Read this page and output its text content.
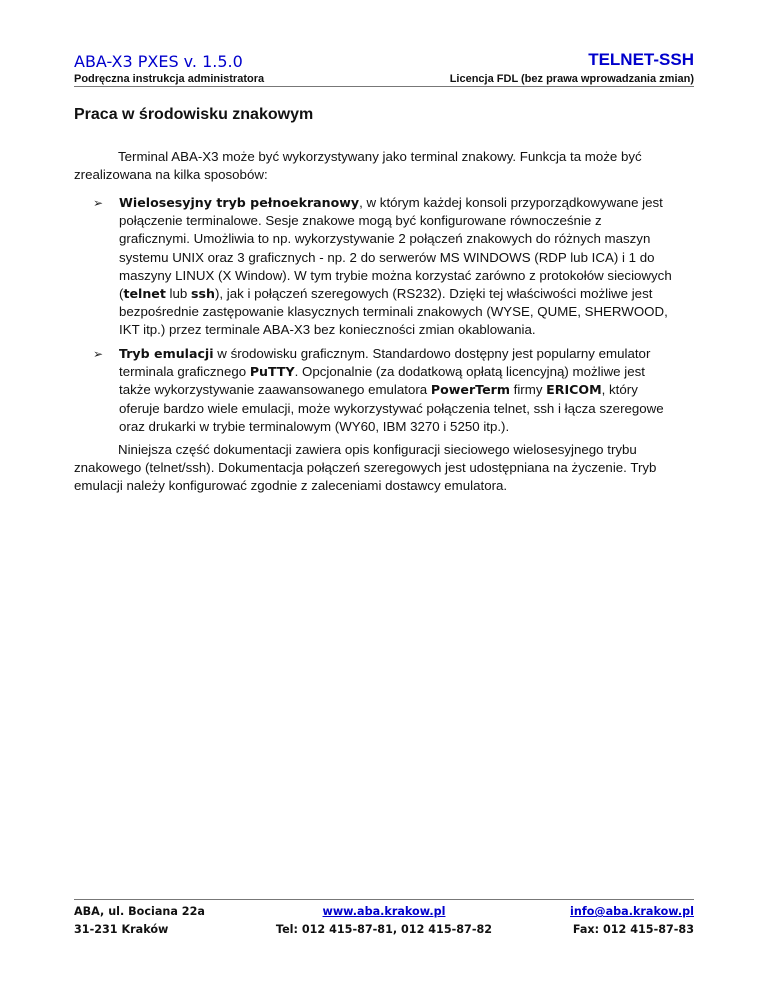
ABA-X3 PXES v. 1.5.0	TELNET-SSH
Podręczna instrukcja administratora	Licencja FDL (bez prawa wprowadzania zmian)
Praca w środowisku znakowym

Terminal ABA-X3 może być wykorzystywany jako terminal znakowy. Funkcja ta może być zrealizowana na kilka sposobów:

➢ Wielosesyjny tryb pełnoekranowy, w którym każdej konsoli przyporządkowywane jest połączenie terminalowe. Sesje znakowe mogą być konfigurowane równocześnie z graficznymi. Umożliwia to np. wykorzystywanie 2 połączeń znakowych do różnych maszyn systemu UNIX oraz 3 graficznych - np. 2 do serwerów MS WINDOWS (RDP lub ICA) i 1 do maszyny LINUX (X Window). W tym trybie można korzystać zarówno z protokołów sieciowych (telnet lub ssh), jak i połączeń szeregowych (RS232). Dzięki tej właściwości możliwe jest bezpośrednie zastępowanie klasycznych terminali znakowych (WYSE, QUME, SHERWOOD, IKT itp.) przez terminale ABA-X3 bez konieczności zmian okablowania.

➢ Tryb emulacji w środowisku graficznym. Standardowo dostępny jest popularny emulator terminala graficznego PuTTY. Opcjonalnie (za dodatkową opłatą licencyjną) możliwe jest także wykorzystywanie zaawansowanego emulatora PowerTerm firmy ERICOM, który oferuje bardzo wiele emulacji, może wykorzystywać połączenia telnet, ssh i łącza szeregowe oraz drukarki w trybie terminalowym (WY60, IBM 3270 i 5250 itp.).

Niniejsza część dokumentacji zawiera opis konfiguracji sieciowego wielosesyjnego trybu znakowego (telnet/ssh). Dokumentacja połączeń szeregowych jest udostępniana na życzenie. Tryb emulacji należy konfigurować zgodnie z zaleceniami dostawcy emulatora.

ABA, ul. Bociana 22a
31-231 Kraków
www.aba.krakow.pl
Tel: 012 415-87-81, 012 415-87-82
info@aba.krakow.pl
Fax: 012 415-87-83
